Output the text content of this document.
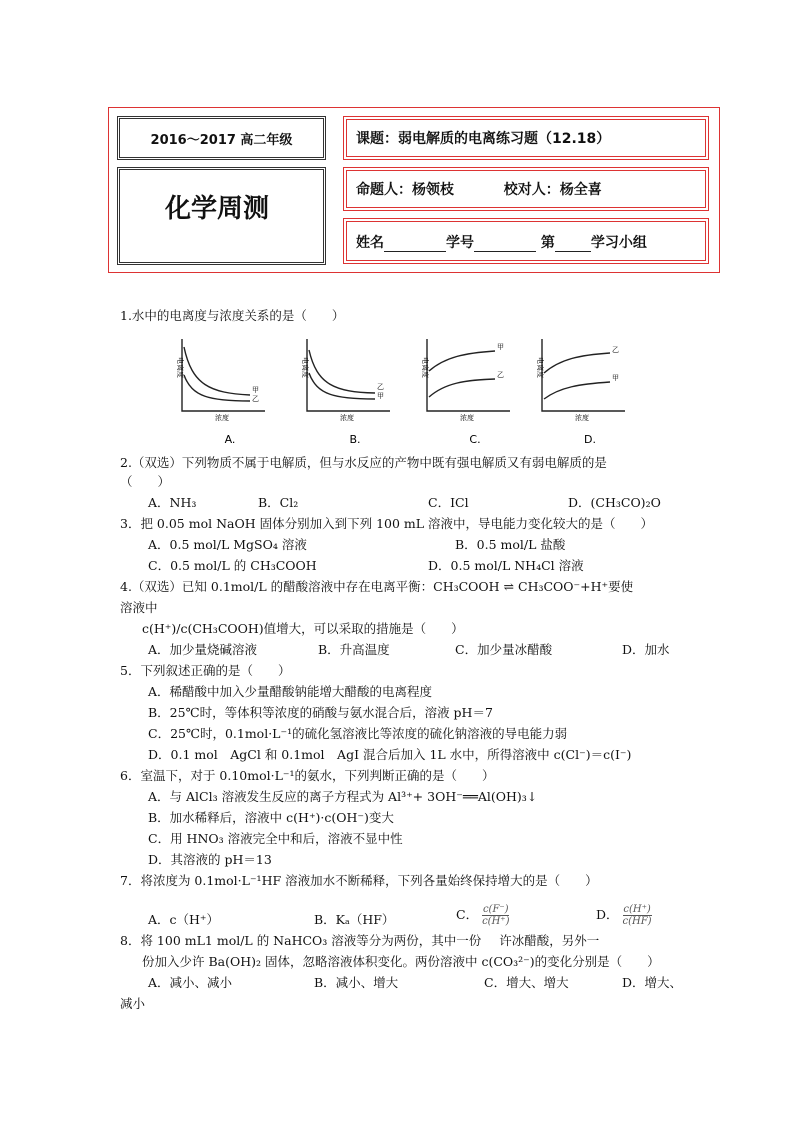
2016～2017 高二年级
化学周测
课题：弱电解质的电离练习题（12.18）
命题人：杨领枝	校对人：杨全喜
姓名	学号	第	学习小组
1.水中的电离度与浓度关系的是（　　）
电离度
浓度
甲
乙
A.
电离度
浓度
乙
甲
B.
电离度
浓度
甲
乙
C.
电离度
浓度
乙
甲
D.
2.（双选）下列物质不属于电解质，但与水反应的产物中既有强电解质又有弱电解质的是
（　　）
A．NH₃	B．Cl₂	C．ICl	D．(CH₃CO)₂O
3．把 0.05 mol NaOH 固体分别加入到下列 100 mL 溶液中，导电能力变化较大的是（　　）
A．0.5 mol/L MgSO₄ 溶液	B．0.5 mol/L 盐酸
C．0.5 mol/L 的 CH₃COOH	D．0.5 mol/L NH₄Cl 溶液
4.（双选）已知 0.1mol/L 的醋酸溶液中存在电离平衡：CH₃COOH ⇌ CH₃COO⁻+H⁺要使
溶液中
c(H⁺)/c(CH₃COOH)值增大，可以采取的措施是（　　）
A．加少量烧碱溶液	B．升高温度	C．加少量冰醋酸	D．加水
5．下列叙述正确的是（　　）
A．稀醋酸中加入少量醋酸钠能增大醋酸的电离程度
B．25℃时，等体积等浓度的硝酸与氨水混合后，溶液 pH＝7
C．25℃时，0.1mol·L⁻¹的硫化氢溶液比等浓度的硫化钠溶液的导电能力弱
D．0.1 mol　AgCl 和 0.1mol　AgI 混合后加入 1L 水中，所得溶液中 c(Cl⁻)＝c(I⁻)
6．室温下，对于 0.10mol·L⁻¹的氨水，下列判断正确的是（　　）
A．与 AlCl₃ 溶液发生反应的离子方程式为 Al³⁺+ 3OH⁻══Al(OH)₃↓
B．加水稀释后，溶液中 c(H⁺)·c(OH⁻)变大
C．用 HNO₃ 溶液完全中和后，溶液不显中性
D．其溶液的 pH＝13
7．将浓度为 0.1mol·L⁻¹HF 溶液加水不断稀释，下列各量始终保持增大的是（　　）
A．c（H⁺）	B．Kₐ（HF）	C． $\frac{c(F^-)}{c(H^+)}$	D． $\frac{c(H^+)}{c(HF)}$
8．将 100 mL1 mol/L 的 NaHCO₃ 溶液等分为两份，其中一份 许冰醋酸，另外一
份加入少许 Ba(OH)₂ 固体，忽略溶液体积变化。两份溶液中 c(CO₃²⁻)的变化分别是（　　）
A．减小、减小	B．减小、增大	C．增大、增大	D．增大、
减小
